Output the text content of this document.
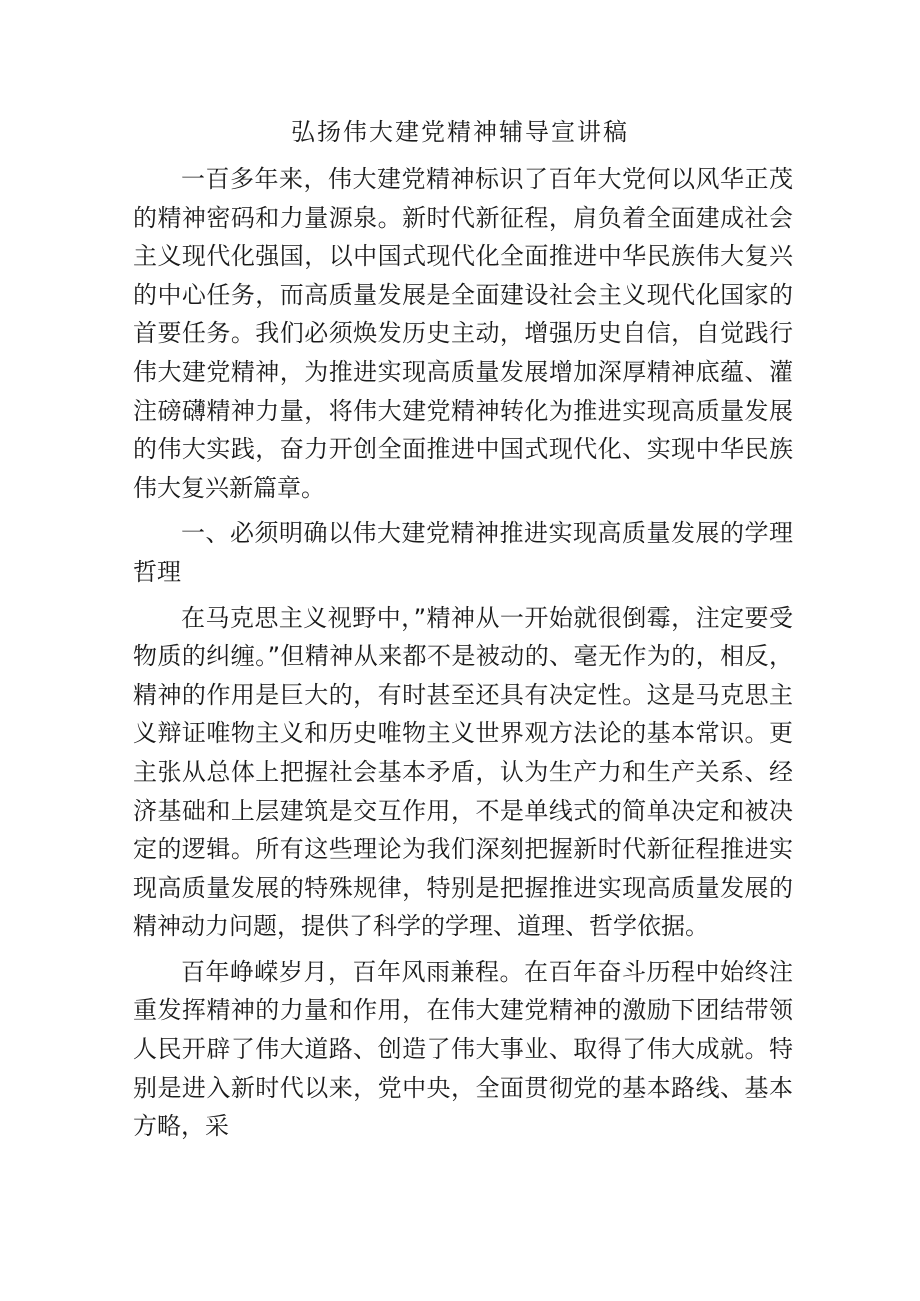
弘扬伟大建党精神辅导宣讲稿

一百多年来，伟大建党精神标识了百年大党何以风华正茂的精神密码和力量源泉。新时代新征程，肩负着全面建成社会主义现代化强国，以中国式现代化全面推进中华民族伟大复兴的中心任务，而高质量发展是全面建设社会主义现代化国家的首要任务。我们必须焕发历史主动，增强历史自信，自觉践行伟大建党精神，为推进实现高质量发展增加深厚精神底蕴、灌注磅礴精神力量，将伟大建党精神转化为推进实现高质量发展的伟大实践，奋力开创全面推进中国式现代化、实现中华民族伟大复兴新篇章。

一、必须明确以伟大建党精神推进实现高质量发展的学理哲理

在马克思主义视野中，”精神从一开始就很倒霉，注定要受物质的纠缠。”但精神从来都不是被动的、毫无作为的，相反，精神的作用是巨大的，有时甚至还具有决定性。这是马克思主义辩证唯物主义和历史唯物主义世界观方法论的基本常识。更主张从总体上把握社会基本矛盾，认为生产力和生产关系、经济基础和上层建筑是交互作用，不是单线式的简单决定和被决定的逻辑。所有这些理论为我们深刻把握新时代新征程推进实现高质量发展的特殊规律，特别是把握推进实现高质量发展的精神动力问题，提供了科学的学理、道理、哲学依据。

百年峥嵘岁月，百年风雨兼程。在百年奋斗历程中始终注重发挥精神的力量和作用，在伟大建党精神的激励下团结带领人民开辟了伟大道路、创造了伟大事业、取得了伟大成就。特别是进入新时代以来，党中央，全面贯彻党的基本路线、基本方略，采
